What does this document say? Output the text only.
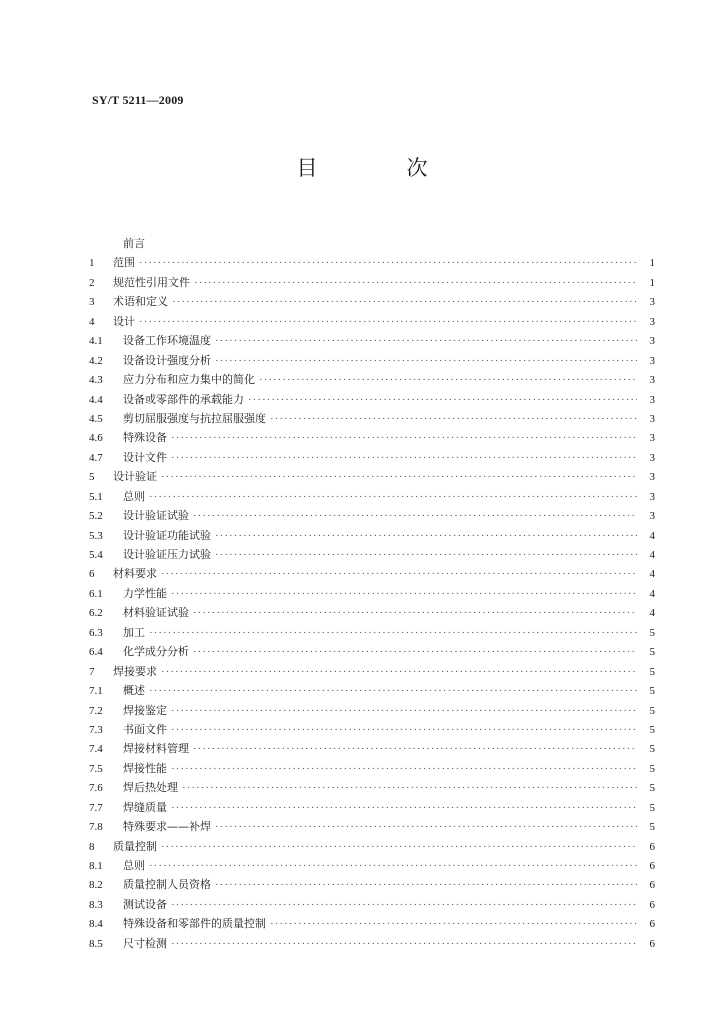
SY/T 5211—2009
目　次
前言
1	范围 ·····	1
2	规范性引用文件 ·····	1
3	术语和定义 ·····	3
4	设计 ·····	3
4.1	设备工作环境温度 ·····	3
4.2	设备设计强度分析 ·····	3
4.3	应力分布和应力集中的简化 ·····	3
4.4	设备或零部件的承载能力 ·····	3
4.5	剪切屈服强度与抗拉屈服强度 ·····	3
4.6	特殊设备 ·····	3
4.7	设计文件 ·····	3
5	设计验证 ·····	3
5.1	总则 ·····	3
5.2	设计验证试验 ·····	3
5.3	设计验证功能试验 ·····	4
5.4	设计验证压力试验 ·····	4
6	材料要求 ·····	4
6.1	力学性能 ·····	4
6.2	材料验证试验 ·····	4
6.3	加工 ·····	5
6.4	化学成分分析 ·····	5
7	焊接要求 ·····	5
7.1	概述 ·····	5
7.2	焊接鉴定 ·····	5
7.3	书面文件 ·····	5
7.4	焊接材料管理 ·····	5
7.5	焊接性能 ·····	5
7.6	焊后热处理 ·····	5
7.7	焊缝质量 ·····	5
7.8	特殊要求——补焊 ·····	5
8	质量控制 ·····	6
8.1	总则 ·····	6
8.2	质量控制人员资格 ·····	6
8.3	测试设备 ·····	6
8.4	特殊设备和零部件的质量控制 ·····	6
8.5	尺寸检测 ·····	6
